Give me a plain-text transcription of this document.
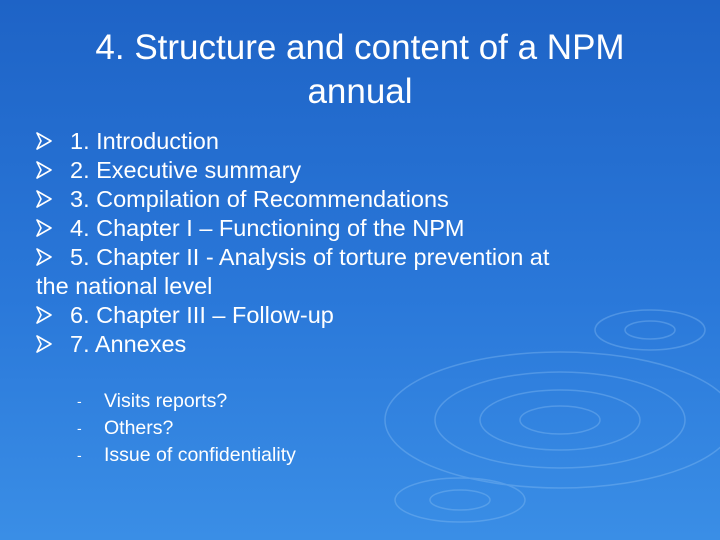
4. Structure and content of a NPM
annual
1. Introduction
2. Executive summary
3. Compilation of Recommendations
4. Chapter I – Functioning of the NPM
5. Chapter II - Analysis of torture prevention at
the national level
6. Chapter III – Follow-up
7. Annexes
- Visits reports?
- Others?
- Issue of confidentiality
